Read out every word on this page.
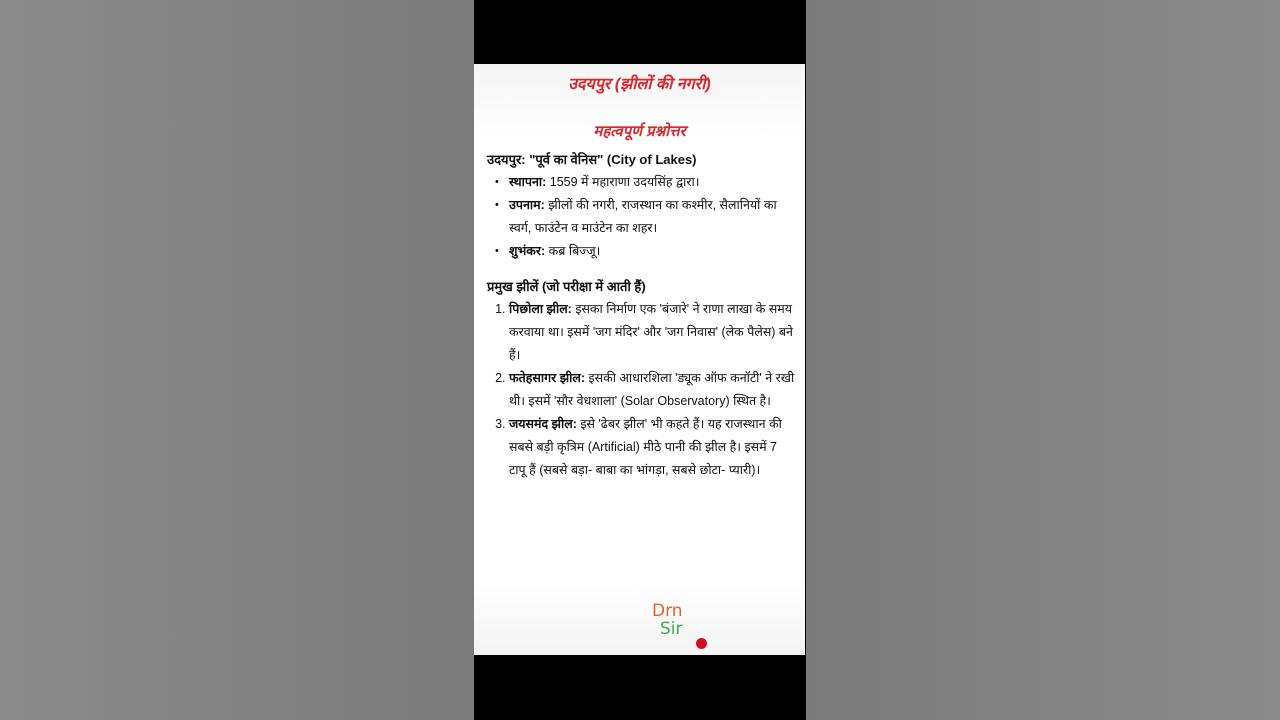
उदयपुर (झीलों की नगरी)
महत्वपूर्ण प्रश्नोत्तर
उदयपुर: "पूर्व का वेनिस" (City of Lakes)
• स्थापना: 1559 में महाराणा उदयसिंह द्वारा।
• उपनाम: झीलों की नगरी, राजस्थान का कश्मीर, सैलानियों का स्वर्ग, फाउंटेन व माउंटेन का शहर।
• शुभंकर: कब्र बिज्जू।
प्रमुख झीलें (जो परीक्षा में आती हैं)
1. पिछोला झील: इसका निर्माण एक 'बंजारे' ने राणा लाखा के समय करवाया था। इसमें 'जग मंदिर' और 'जग निवास' (लेक पैलेस) बने हैं।
2. फतेहसागर झील: इसकी आधारशिला 'ड्यूक ऑफ कनॉटी' ने रखी थी। इसमें 'सौर वेधशाला' (Solar Observatory) स्थित है।
3. जयसमंद झील: इसे 'ढेबर झील' भी कहते हैं। यह राजस्थान की सबसे बड़ी कृत्रिम (Artificial) मीठे पानी की झील है। इसमें 7 टापू हैं (सबसे बड़ा- बाबा का भांगड़ा, सबसे छोटा- प्यारी)।
Drn
Sir
